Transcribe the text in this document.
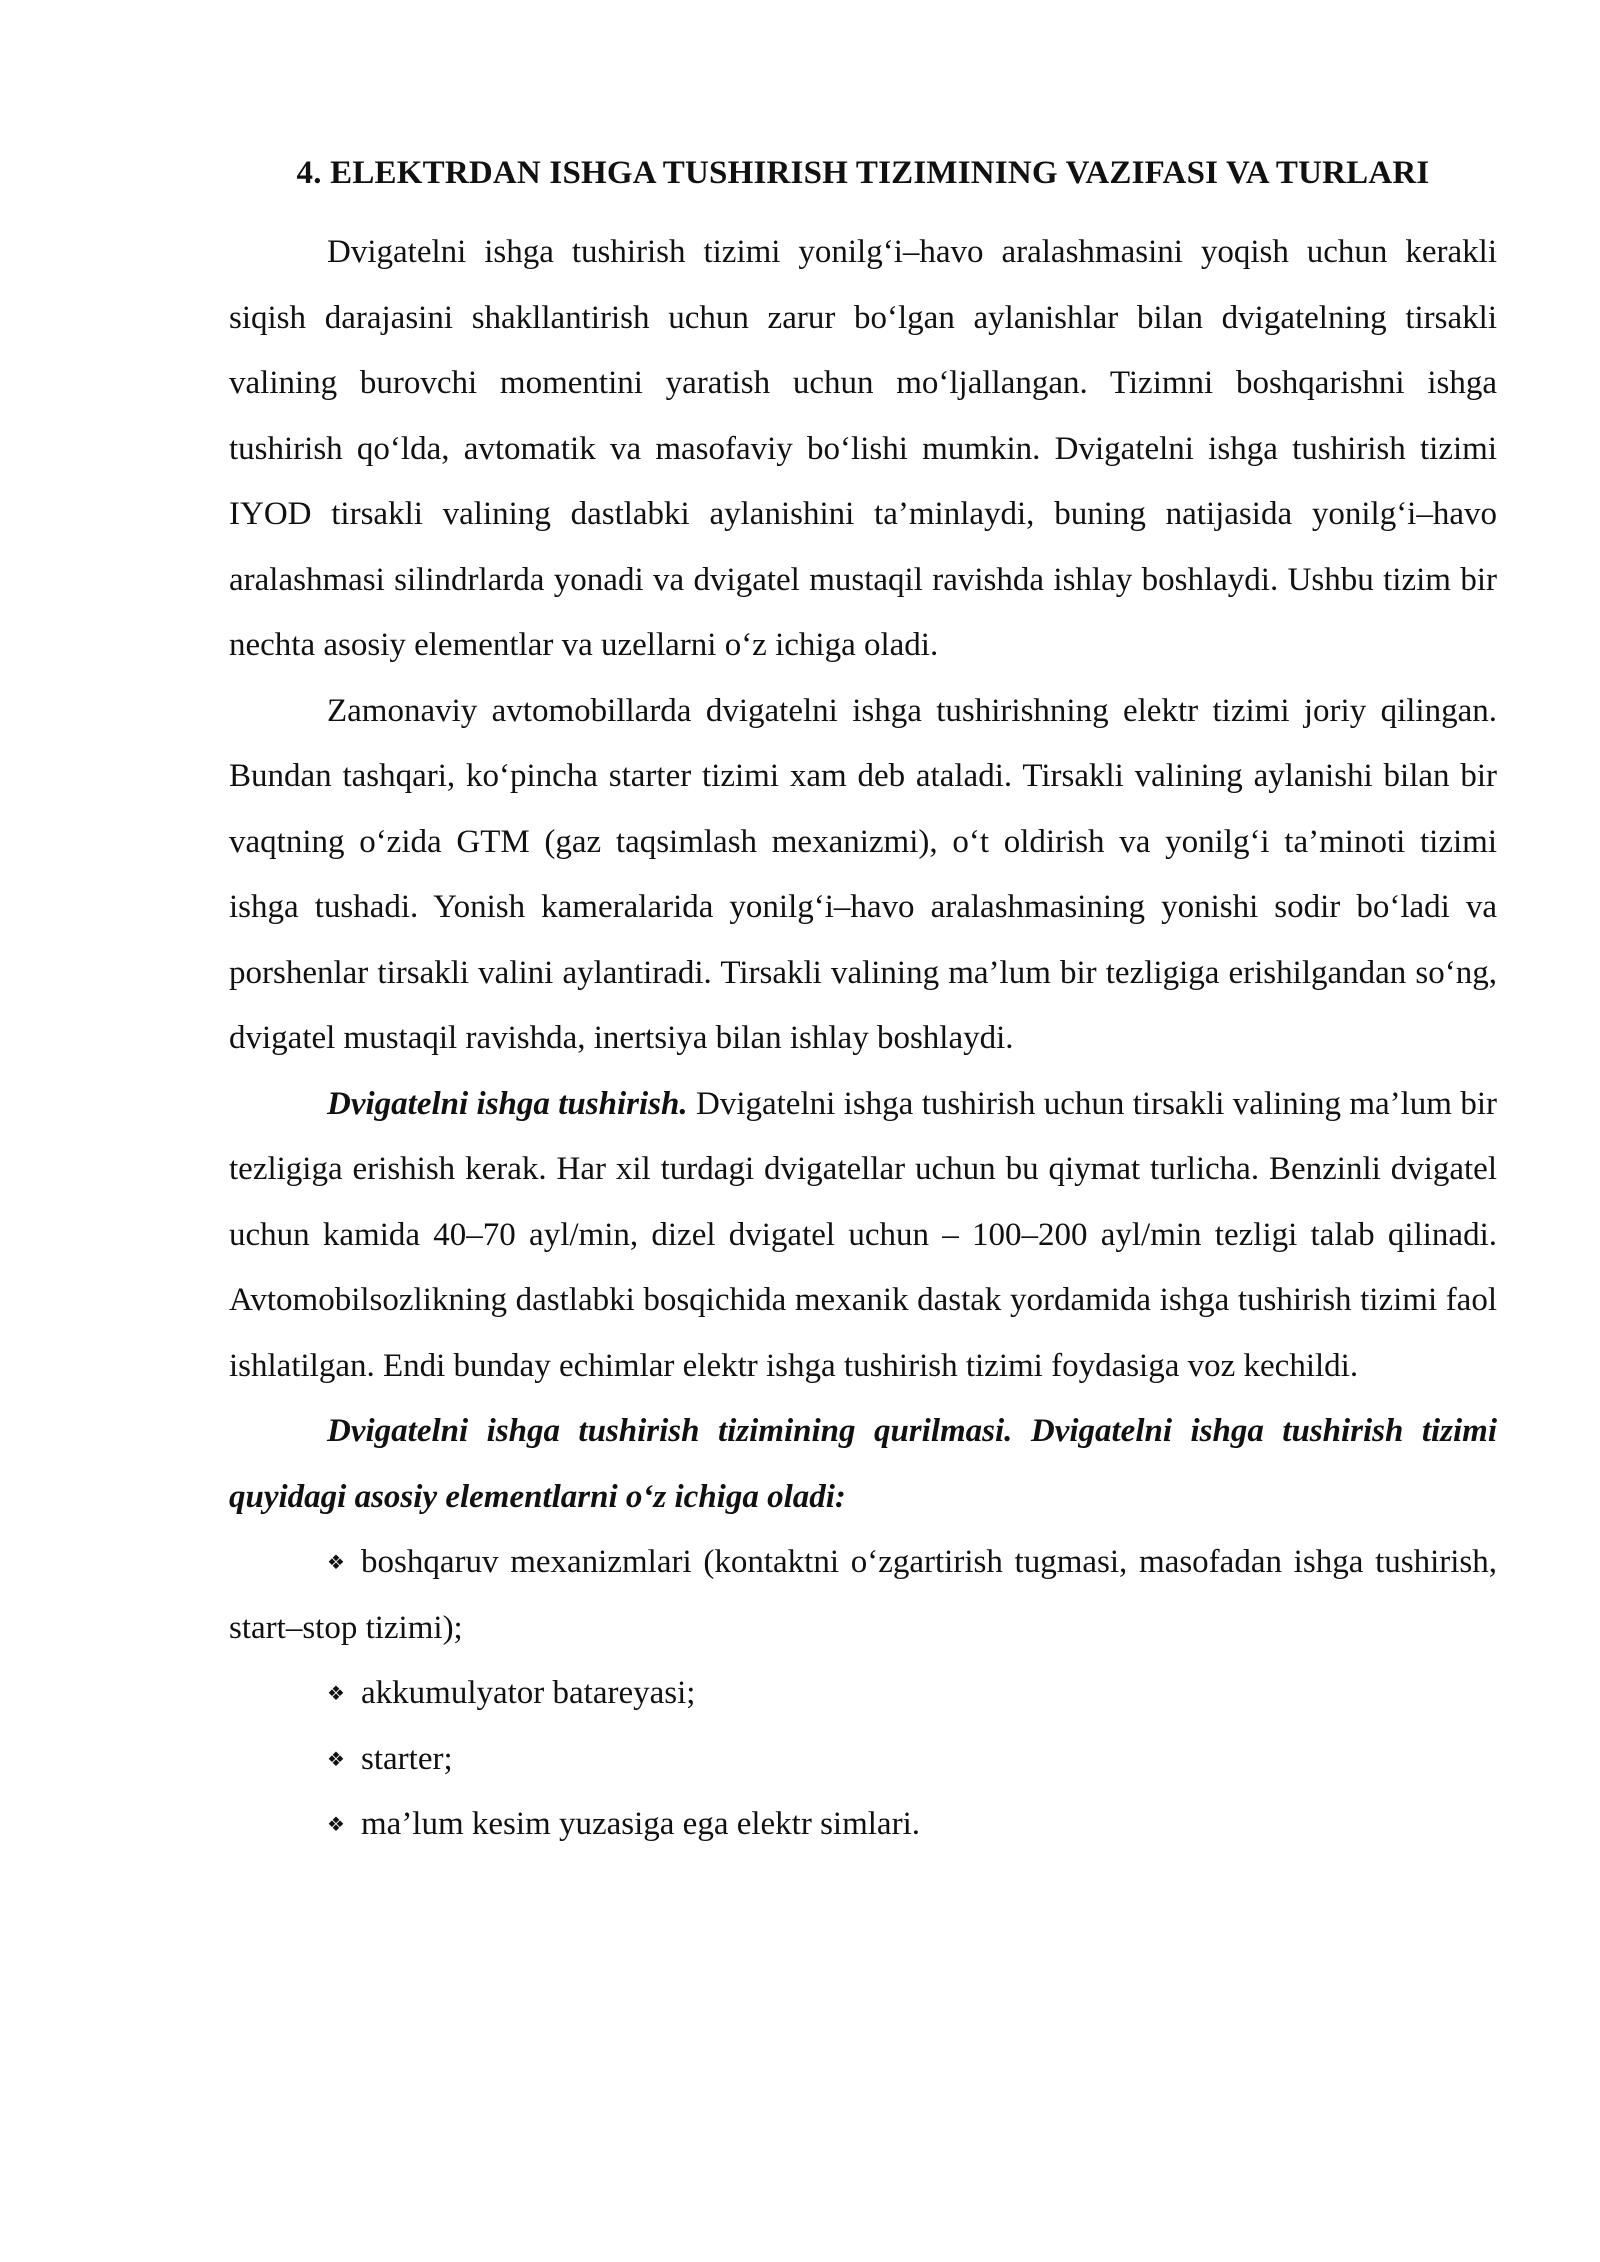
4. ELEKTRDAN ISHGA TUSHIRISH TIZIMINING VAZIFASI VA TURLARI

Dvigatelni ishga tushirish tizimi yonilg‘i–havo aralashmasini yoqish uchun kerakli siqish darajasini shakllantirish uchun zarur bo‘lgan aylanishlar bilan dvigatelning tirsakli valining burovchi momentini yaratish uchun mo‘ljallangan. Tizimni boshqarishni ishga tushirish qo‘lda, avtomatik va masofaviy bo‘lishi mumkin. Dvigatelni ishga tushirish tizimi IYOD tirsakli valining dastlabki aylanishini ta’minlaydi, buning natijasida yonilg‘i–havo aralashmasi silindrlarda yonadi va dvigatel mustaqil ravishda ishlay boshlaydi. Ushbu tizim bir nechta asosiy elementlar va uzellarni o‘z ichiga oladi.

Zamonaviy avtomobillarda dvigatelni ishga tushirishning elektr tizimi joriy qilingan. Bundan tashqari, ko‘pincha starter tizimi xam deb ataladi. Tirsakli valining aylanishi bilan bir vaqtning o‘zida GTM (gaz taqsimlash mexanizmi), o‘t oldirish va yonilg‘i ta’minoti tizimi ishga tushadi. Yonish kameralarida yonilg‘i–havo aralashmasining yonishi sodir bo‘ladi va porshenlar tirsakli valini aylantiradi. Tirsakli valining ma’lum bir tezligiga erishilgandan so‘ng, dvigatel mustaqil ravishda, inertsiya bilan ishlay boshlaydi.

Dvigatelni ishga tushirish. Dvigatelni ishga tushirish uchun tirsakli valining ma’lum bir tezligiga erishish kerak. Har xil turdagi dvigatellar uchun bu qiymat turlicha. Benzinli dvigatel uchun kamida 40–70 ayl/min, dizel dvigatel uchun – 100–200 ayl/min tezligi talab qilinadi. Avtomobilsozlikning dastlabki bosqichida mexanik dastak yordamida ishga tushirish tizimi faol ishlatilgan. Endi bunday echimlar elektr ishga tushirish tizimi foydasiga voz kechildi.

Dvigatelni ishga tushirish tizimining qurilmasi. Dvigatelni ishga tushirish tizimi quyidagi asosiy elementlarni o‘z ichiga oladi:

❖ boshqaruv mexanizmlari (kontaktni o‘zgartirish tugmasi, masofadan ishga tushirish, start–stop tizimi);
❖ akkumulyator batareyasi;
❖ starter;
❖ ma’lum kesim yuzasiga ega elektr simlari.
